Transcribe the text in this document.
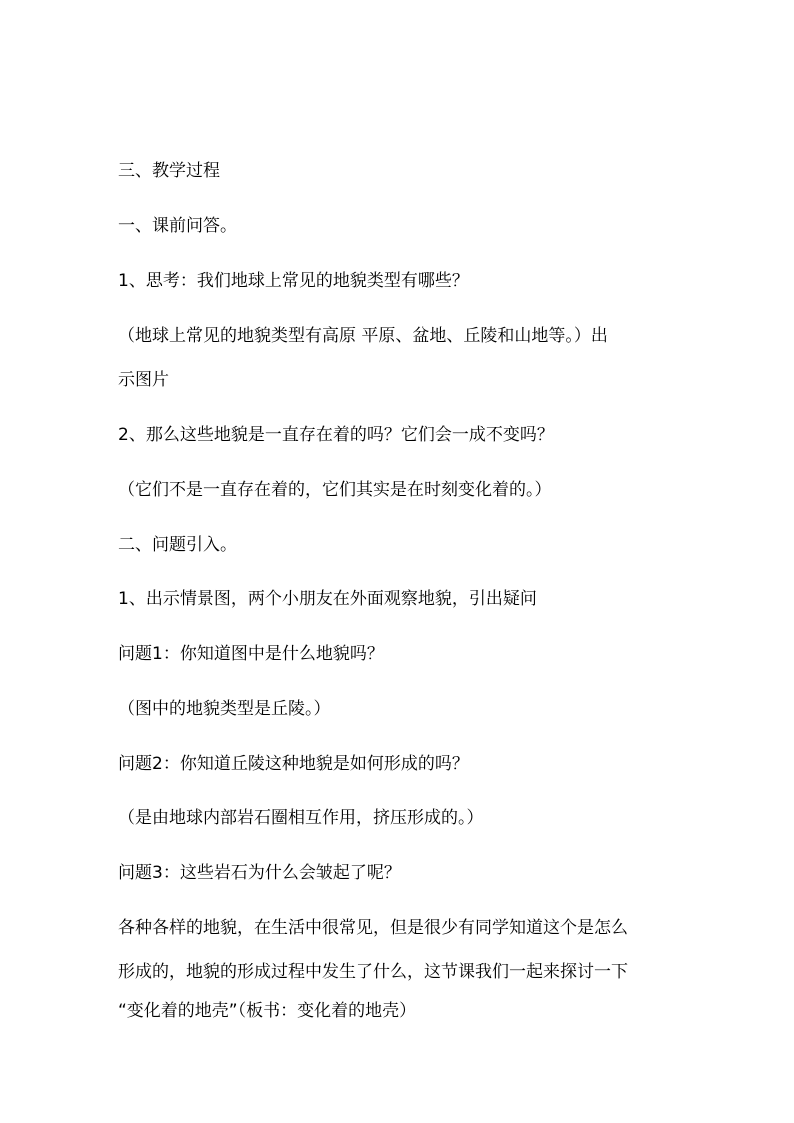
三、教学过程
一、课前问答。
1、思考：我们地球上常见的地貌类型有哪些？
（地球上常见的地貌类型有高原 平原、盆地、丘陵和山地等。）出
示图片
2、那么这些地貌是一直存在着的吗？它们会一成不变吗？
（它们不是一直存在着的，它们其实是在时刻变化着的。）
二、问题引入。
1、出示情景图，两个小朋友在外面观察地貌，引出疑问
问题1：你知道图中是什么地貌吗？
（图中的地貌类型是丘陵。）
问题2：你知道丘陵这种地貌是如何形成的吗？
（是由地球内部岩石圈相互作用，挤压形成的。）
问题3：这些岩石为什么会皱起了呢？
各种各样的地貌，在生活中很常见，但是很少有同学知道这个是怎么
形成的，地貌的形成过程中发生了什么，这节课我们一起来探讨一下
“变化着的地壳”（板书：变化着的地壳）
